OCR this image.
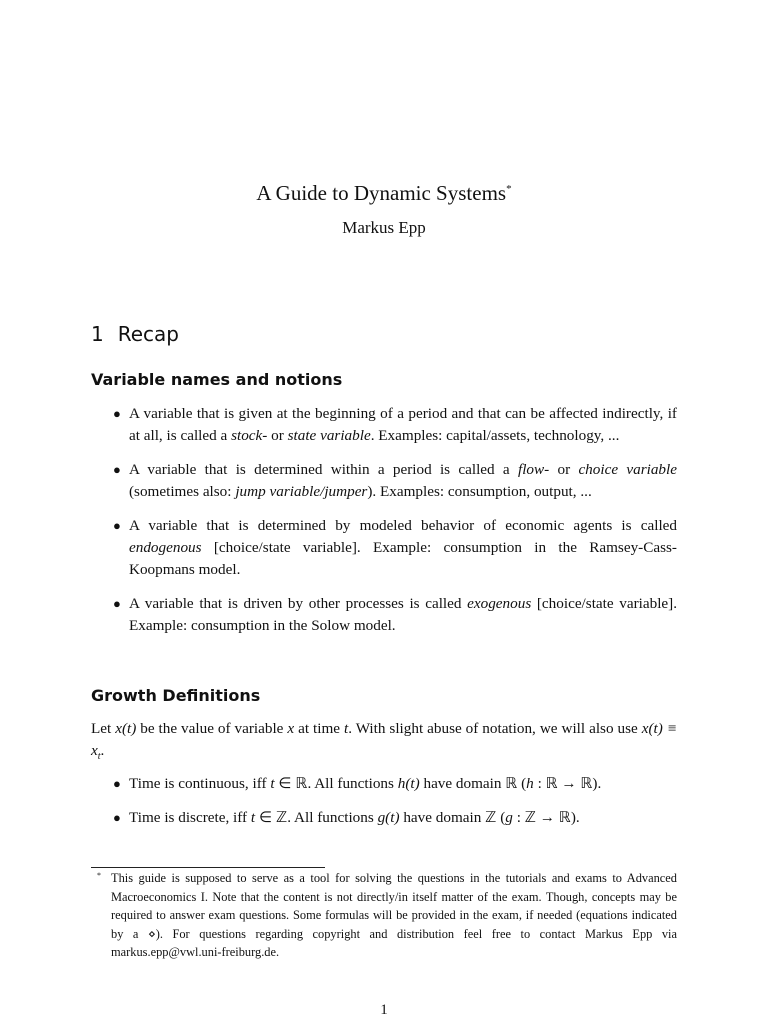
A Guide to Dynamic Systems*
Markus Epp
1 Recap
Variable names and notions
● A variable that is given at the beginning of a period and that can be affected indirectly, if at all, is called a stock- or state variable. Examples: capital/assets, technology, ...
● A variable that is determined within a period is called a flow- or choice variable (sometimes also: jump variable/jumper). Examples: consumption, output, ...
● A variable that is determined by modeled behavior of economic agents is called endogenous [choice/state variable]. Example: consumption in the Ramsey-Cass-Koopmans model.
● A variable that is driven by other processes is called exogenous [choice/state variable]. Example: consumption in the Solow model.
Growth Definitions

Let x(t) be the value of variable x at time t. With slight abuse of notation, we will also use $x(t) \equiv x_t$.

● Time is continuous, iff t ∈ ℝ. All functions h(t) have domain ℝ (h : ℝ → ℝ).
● Time is discrete, iff t ∈ ℤ. All functions g(t) have domain ℤ (g : ℤ → ℝ).
* This guide is supposed to serve as a tool for solving the questions in the tutorials and exams to Advanced Macroeconomics I. Note that the content is not directly/in itself matter of the exam. Though, concepts may be required to answer exam questions. Some formulas will be provided in the exam, if needed (equations indicated by a ⋄). For questions regarding copyright and distribution feel free to contact Markus Epp via markus.epp@vwl.uni-freiburg.de.
1
